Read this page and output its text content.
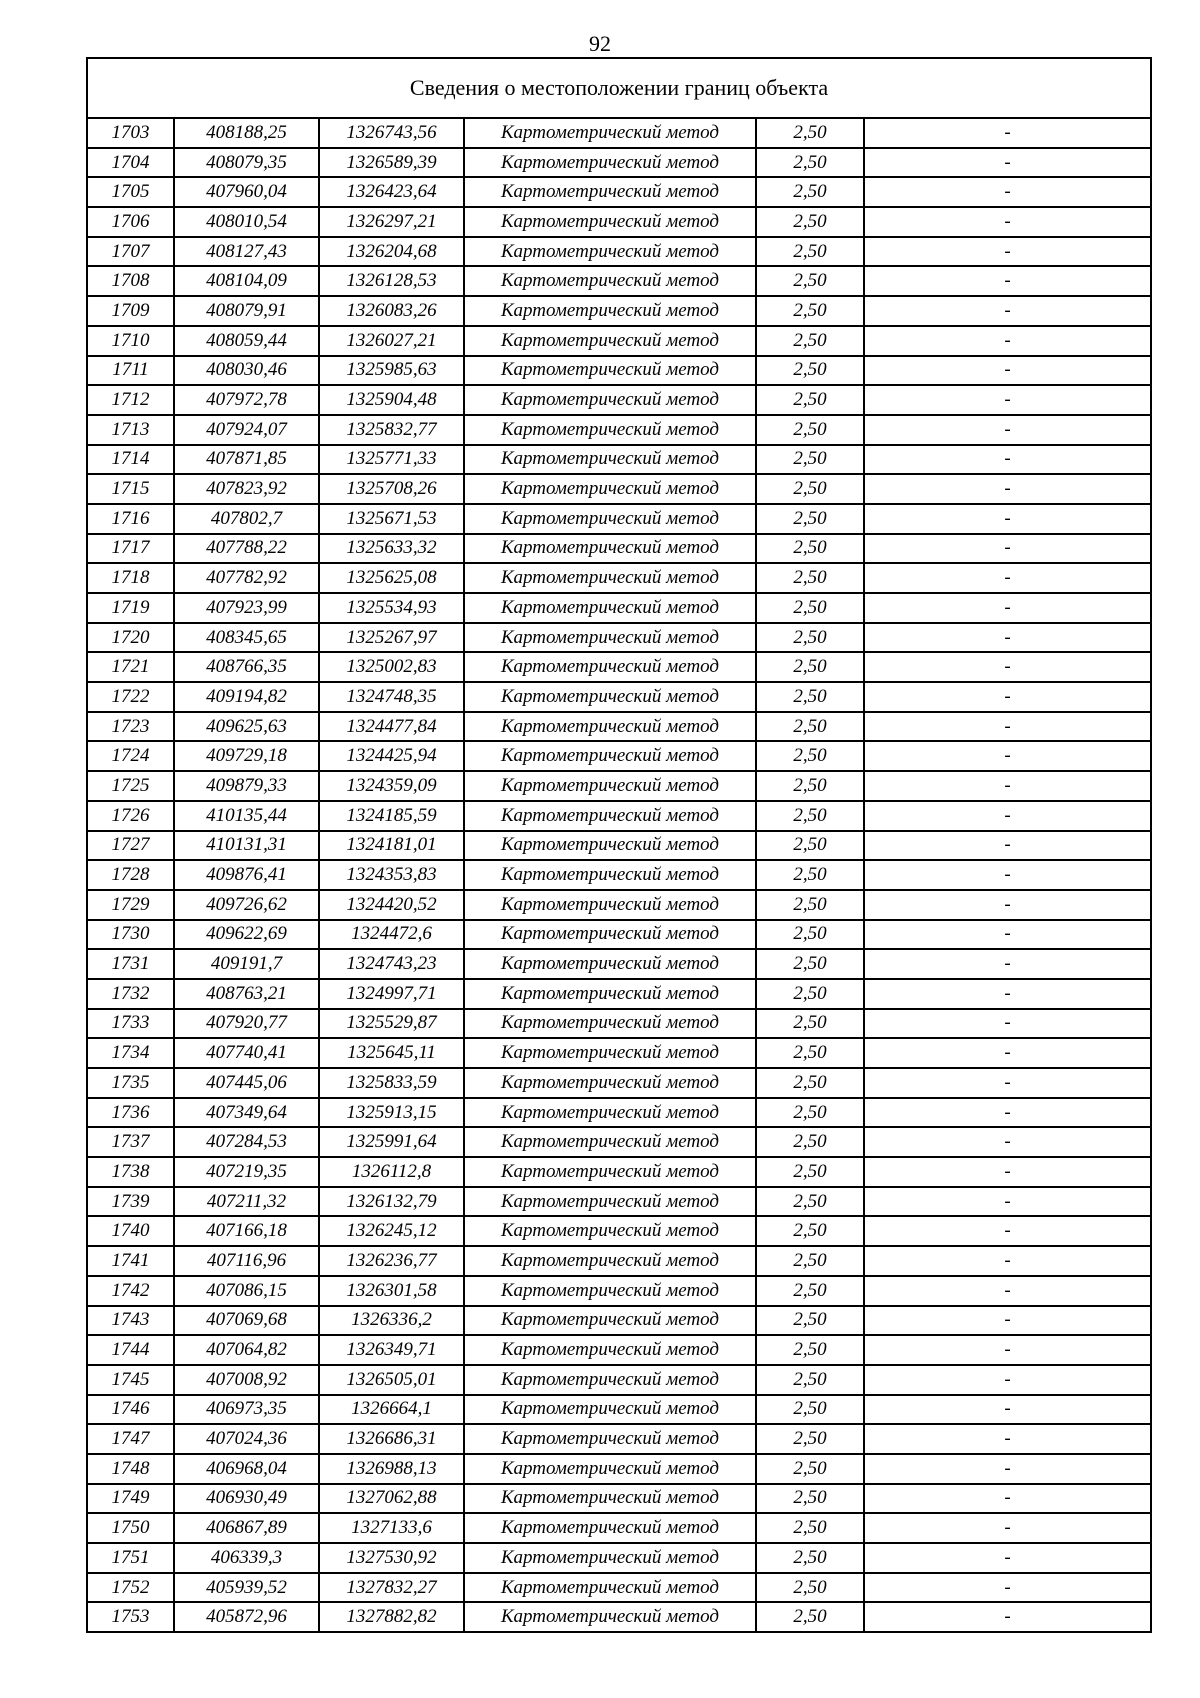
92
Сведения о местоположении границ объекта					
1703	408188,25	1326743,56	Картометрический метод	2,50	-
1704	408079,35	1326589,39	Картометрический метод	2,50	-
1705	407960,04	1326423,64	Картометрический метод	2,50	-
1706	408010,54	1326297,21	Картометрический метод	2,50	-
1707	408127,43	1326204,68	Картометрический метод	2,50	-
1708	408104,09	1326128,53	Картометрический метод	2,50	-
1709	408079,91	1326083,26	Картометрический метод	2,50	-
1710	408059,44	1326027,21	Картометрический метод	2,50	-
1711	408030,46	1325985,63	Картометрический метод	2,50	-
1712	407972,78	1325904,48	Картометрический метод	2,50	-
1713	407924,07	1325832,77	Картометрический метод	2,50	-
1714	407871,85	1325771,33	Картометрический метод	2,50	-
1715	407823,92	1325708,26	Картометрический метод	2,50	-
1716	407802,7	1325671,53	Картометрический метод	2,50	-
1717	407788,22	1325633,32	Картометрический метод	2,50	-
1718	407782,92	1325625,08	Картометрический метод	2,50	-
1719	407923,99	1325534,93	Картометрический метод	2,50	-
1720	408345,65	1325267,97	Картометрический метод	2,50	-
1721	408766,35	1325002,83	Картометрический метод	2,50	-
1722	409194,82	1324748,35	Картометрический метод	2,50	-
1723	409625,63	1324477,84	Картометрический метод	2,50	-
1724	409729,18	1324425,94	Картометрический метод	2,50	-
1725	409879,33	1324359,09	Картометрический метод	2,50	-
1726	410135,44	1324185,59	Картометрический метод	2,50	-
1727	410131,31	1324181,01	Картометрический метод	2,50	-
1728	409876,41	1324353,83	Картометрический метод	2,50	-
1729	409726,62	1324420,52	Картометрический метод	2,50	-
1730	409622,69	1324472,6	Картометрический метод	2,50	-
1731	409191,7	1324743,23	Картометрический метод	2,50	-
1732	408763,21	1324997,71	Картометрический метод	2,50	-
1733	407920,77	1325529,87	Картометрический метод	2,50	-
1734	407740,41	1325645,11	Картометрический метод	2,50	-
1735	407445,06	1325833,59	Картометрический метод	2,50	-
1736	407349,64	1325913,15	Картометрический метод	2,50	-
1737	407284,53	1325991,64	Картометрический метод	2,50	-
1738	407219,35	1326112,8	Картометрический метод	2,50	-
1739	407211,32	1326132,79	Картометрический метод	2,50	-
1740	407166,18	1326245,12	Картометрический метод	2,50	-
1741	407116,96	1326236,77	Картометрический метод	2,50	-
1742	407086,15	1326301,58	Картометрический метод	2,50	-
1743	407069,68	1326336,2	Картометрический метод	2,50	-
1744	407064,82	1326349,71	Картометрический метод	2,50	-
1745	407008,92	1326505,01	Картометрический метод	2,50	-
1746	406973,35	1326664,1	Картометрический метод	2,50	-
1747	407024,36	1326686,31	Картометрический метод	2,50	-
1748	406968,04	1326988,13	Картометрический метод	2,50	-
1749	406930,49	1327062,88	Картометрический метод	2,50	-
1750	406867,89	1327133,6	Картометрический метод	2,50	-
1751	406339,3	1327530,92	Картометрический метод	2,50	-
1752	405939,52	1327832,27	Картометрический метод	2,50	-
1753	405872,96	1327882,82	Картометрический метод	2,50	-
